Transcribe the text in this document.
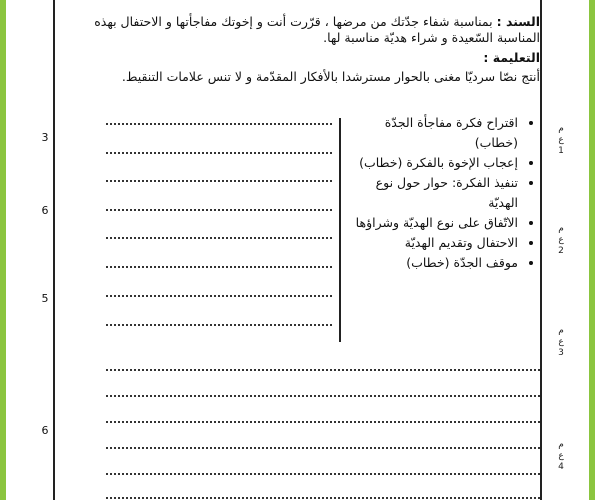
السند : بمناسبة شفاء جدّتك من مرضها ، قرّرت أنت و إخوتك مفاجأتها و الاحتفال بهذه
المناسبة السّعيدة و شراء هديّة مناسبة لها.
التعليمة :
أنتج نصّا سرديّا مغنى بالحوار مسترشدا بالأفكار المقدّمة و لا تنس علامات التنقيط.
• اقتراح فكرة مفاجأة الجدّة (خطاب)
• إعجاب الإخوة بالفكرة (خطاب)
• تنفيذ الفكرة: حوار حول نوع الهديّة
• الاتّفاق على نوع الهديّة وشراؤها
• الاحتفال وتقديم الهديّة
• موقف الجدّة (خطاب)
3
6
5
6
م
ع
1
م
ع
2
م
ع
3
م
ع
4
